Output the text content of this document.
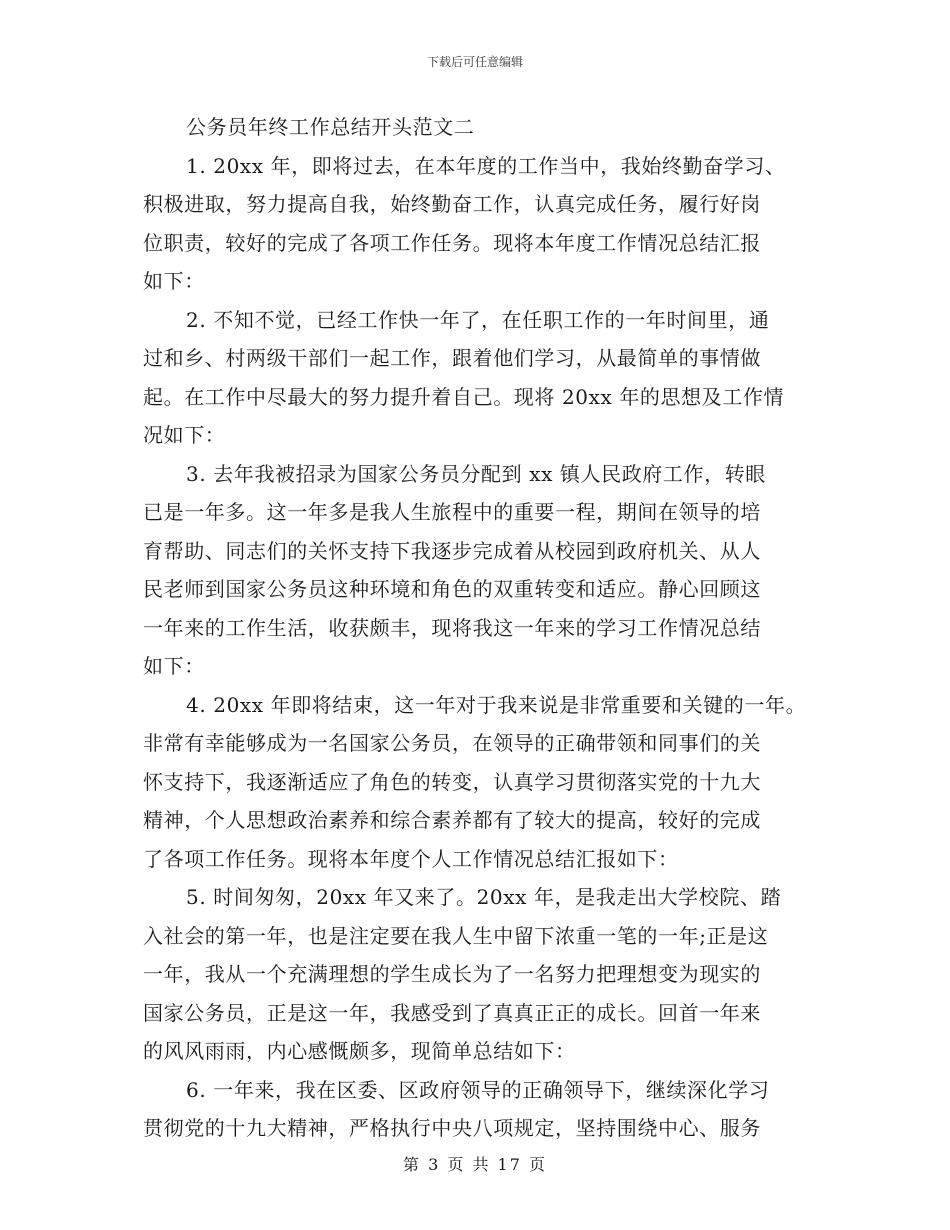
下载后可任意编辑
公务员年终工作总结开头范文二
1. 20xx 年，即将过去，在本年度的工作当中，我始终勤奋学习、
积极进取，努力提高自我，始终勤奋工作，认真完成任务，履行好岗
位职责，较好的完成了各项工作任务。现将本年度工作情况总结汇报
如下：
2. 不知不觉，已经工作快一年了，在任职工作的一年时间里，通
过和乡、村两级干部们一起工作，跟着他们学习，从最简单的事情做
起。在工作中尽最大的努力提升着自己。现将 20xx 年的思想及工作情
况如下：
3. 去年我被招录为国家公务员分配到 xx 镇人民政府工作，转眼
已是一年多。这一年多是我人生旅程中的重要一程，期间在领导的培
育帮助、同志们的关怀支持下我逐步完成着从校园到政府机关、从人
民老师到国家公务员这种环境和角色的双重转变和适应。静心回顾这
一年来的工作生活，收获颇丰，现将我这一年来的学习工作情况总结
如下：
4. 20xx 年即将结束，这一年对于我来说是非常重要和关键的一年。
非常有幸能够成为一名国家公务员，在领导的正确带领和同事们的关
怀支持下，我逐渐适应了角色的转变，认真学习贯彻落实党的十九大
精神，个人思想政治素养和综合素养都有了较大的提高，较好的完成
了各项工作任务。现将本年度个人工作情况总结汇报如下：
5. 时间匆匆，20xx 年又来了。20xx 年，是我走出大学校院、踏
入社会的第一年，也是注定要在我人生中留下浓重一笔的一年;正是这
一年，我从一个充满理想的学生成长为了一名努力把理想变为现实的
国家公务员，正是这一年，我感受到了真真正正的成长。回首一年来
的风风雨雨，内心感慨颇多，现简单总结如下：
6. 一年来，我在区委、区政府领导的正确领导下，继续深化学习
贯彻党的十九大精神，严格执行中央八项规定，坚持围绕中心、服务
第 3 页 共 17 页
